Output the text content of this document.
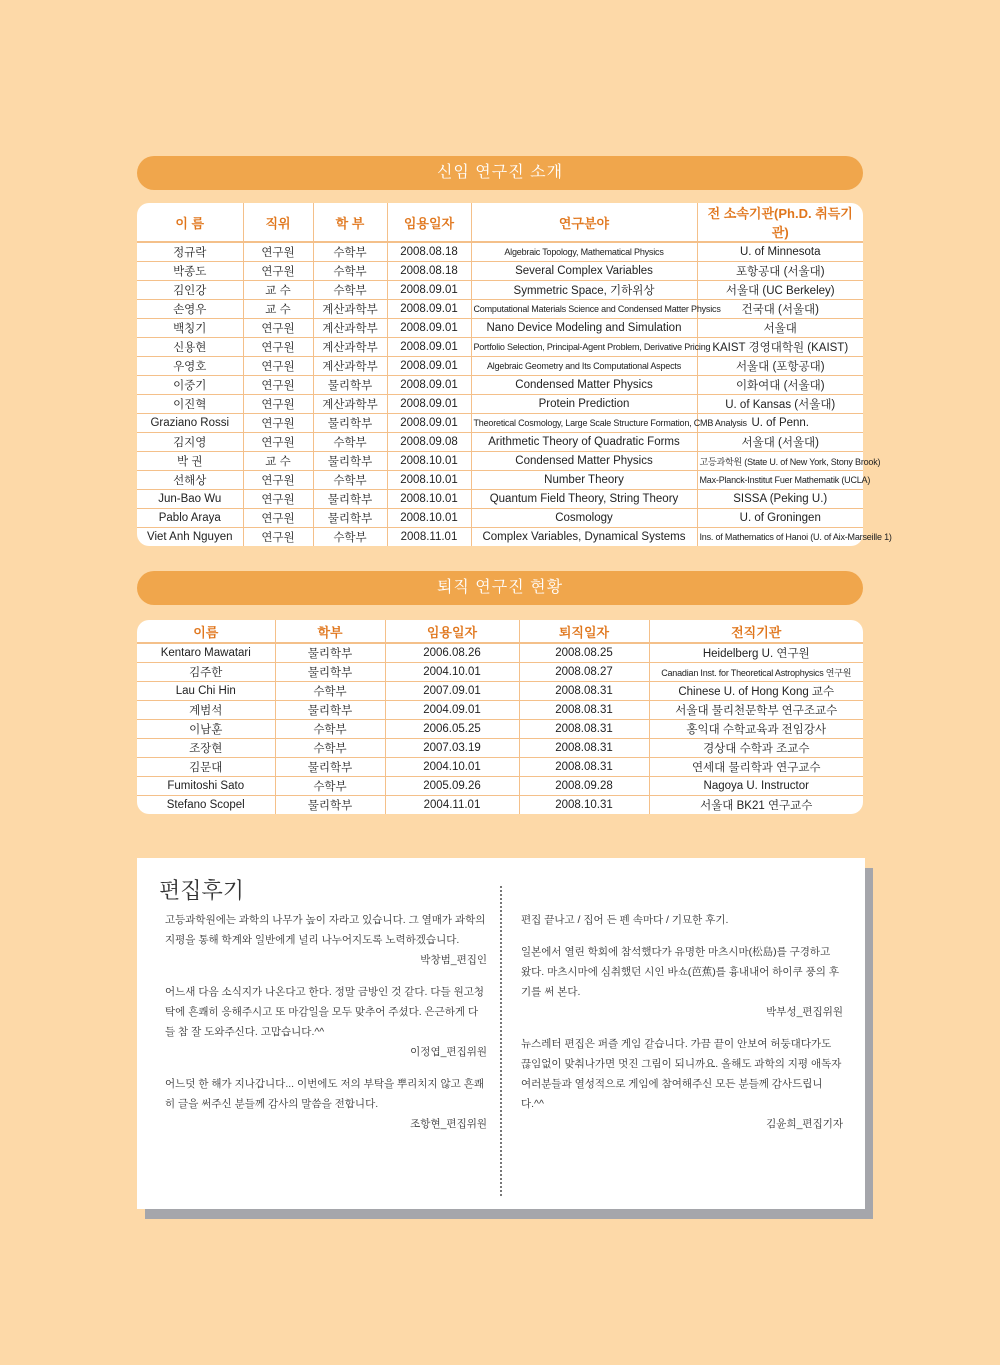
신임 연구진 소개
이 름	직위	학 부	임용일자	연구분야	전 소속기관(Ph.D. 취득기관)
정규락	연구원	수학부	2008.08.18	Algebraic Topology, Mathematical Physics	U. of Minnesota
박종도	연구원	수학부	2008.08.18	Several Complex Variables	포항공대 (서울대)
김인강	교 수	수학부	2008.09.01	Symmetric Space, 기하위상	서울대 (UC Berkeley)
손영우	교 수	계산과학부	2008.09.01	Computational Materials Science and Condensed Matter Physics	건국대 (서울대)
백칭기	연구원	계산과학부	2008.09.01	Nano Device Modeling and Simulation	서울대
신용현	연구원	계산과학부	2008.09.01	Portfolio Selection, Principal-Agent Problem, Derivative Pricing	KAIST 경영대학원 (KAIST)
우영호	연구원	계산과학부	2008.09.01	Algebraic Geometry and Its Computational Aspects	서울대 (포항공대)
이중기	연구원	물리학부	2008.09.01	Condensed Matter Physics	이화여대 (서울대)
이진혁	연구원	계산과학부	2008.09.01	Protein Prediction	U. of Kansas (서울대)
Graziano Rossi	연구원	물리학부	2008.09.01	Theoretical Cosmology, Large Scale Structure Formation, CMB Analysis	U. of Penn.
김지영	연구원	수학부	2008.09.08	Arithmetic Theory of Quadratic Forms	서울대 (서울대)
박 권	교 수	물리학부	2008.10.01	Condensed Matter Physics	고등과학원 (State U. of New York, Stony Brook)
선해상	연구원	수학부	2008.10.01	Number Theory	Max-Planck-Institut Fuer Mathematik (UCLA)
Jun-Bao Wu	연구원	물리학부	2008.10.01	Quantum Field Theory, String Theory	SISSA (Peking U.)
Pablo Araya	연구원	물리학부	2008.10.01	Cosmology	U. of Groningen
Viet Anh Nguyen	연구원	수학부	2008.11.01	Complex Variables, Dynamical Systems	Ins. of Mathematics of Hanoi (U. of Aix-Marseille 1)
퇴직 연구진 현황
이름	학부	임용일자	퇴직일자	전직기관
Kentaro Mawatari	물리학부	2006.08.26	2008.08.25	Heidelberg U. 연구원
김주한	물리학부	2004.10.01	2008.08.27	Canadian Inst. for Theoretical Astrophysics 연구원
Lau Chi Hin	수학부	2007.09.01	2008.08.31	Chinese U. of Hong Kong 교수
계범석	물리학부	2004.09.01	2008.08.31	서울대 물리천문학부 연구조교수
이남훈	수학부	2006.05.25	2008.08.31	홍익대 수학교육과 전임강사
조장현	수학부	2007.03.19	2008.08.31	경상대 수학과 조교수
김문대	물리학부	2004.10.01	2008.08.31	연세대 물리학과 연구교수
Fumitoshi Sato	수학부	2005.09.26	2008.09.28	Nagoya U. Instructor
Stefano Scopel	물리학부	2004.11.01	2008.10.31	서울대 BK21 연구교수
편집후기

고등과학원에는 과학의 나무가 높이 자라고 있습니다. 그 열매가 과학의 지평을 통해 학계와 일반에게 널리 나누어지도록 노력하겠습니다.

박창범_편집인

어느새 다음 소식지가 나온다고 한다. 정말 금방인 것 같다. 다들 원고청탁에 흔쾌히 응해주시고 또 마감일을 모두 맞추어 주셨다. 은근하게 다들 참 잘 도와주신다. 고맙습니다.^^

이정엽_편집위원

어느덧 한 해가 지나갑니다... 이번에도 저의 부탁을 뿌리치지 않고 흔쾌히 글을 써주신 분들께 감사의 말씀을 전합니다.

조항현_편집위원

편집 끝나고 / 집어 든 펜 속마다 / 기묘한 후기.

일본에서 열린 학회에 참석했다가 유명한 마츠시마(松島)를 구경하고 왔다. 마츠시마에 심취했던 시인 바쇼(芭蕉)를 흉내내어 하이쿠 풍의 후기를 써 본다.

박부성_편집위원

뉴스레터 편집은 퍼즐 게임 같습니다. 가끔 끝이 안보여 허둥대다가도 끊임없이 맞춰나가면 멋진 그림이 되니까요. 올해도 과학의 지평 애독자 여러분들과 열성적으로 게임에 참여해주신 모든 분들께 감사드립니다.^^

김윤희_편집기자
